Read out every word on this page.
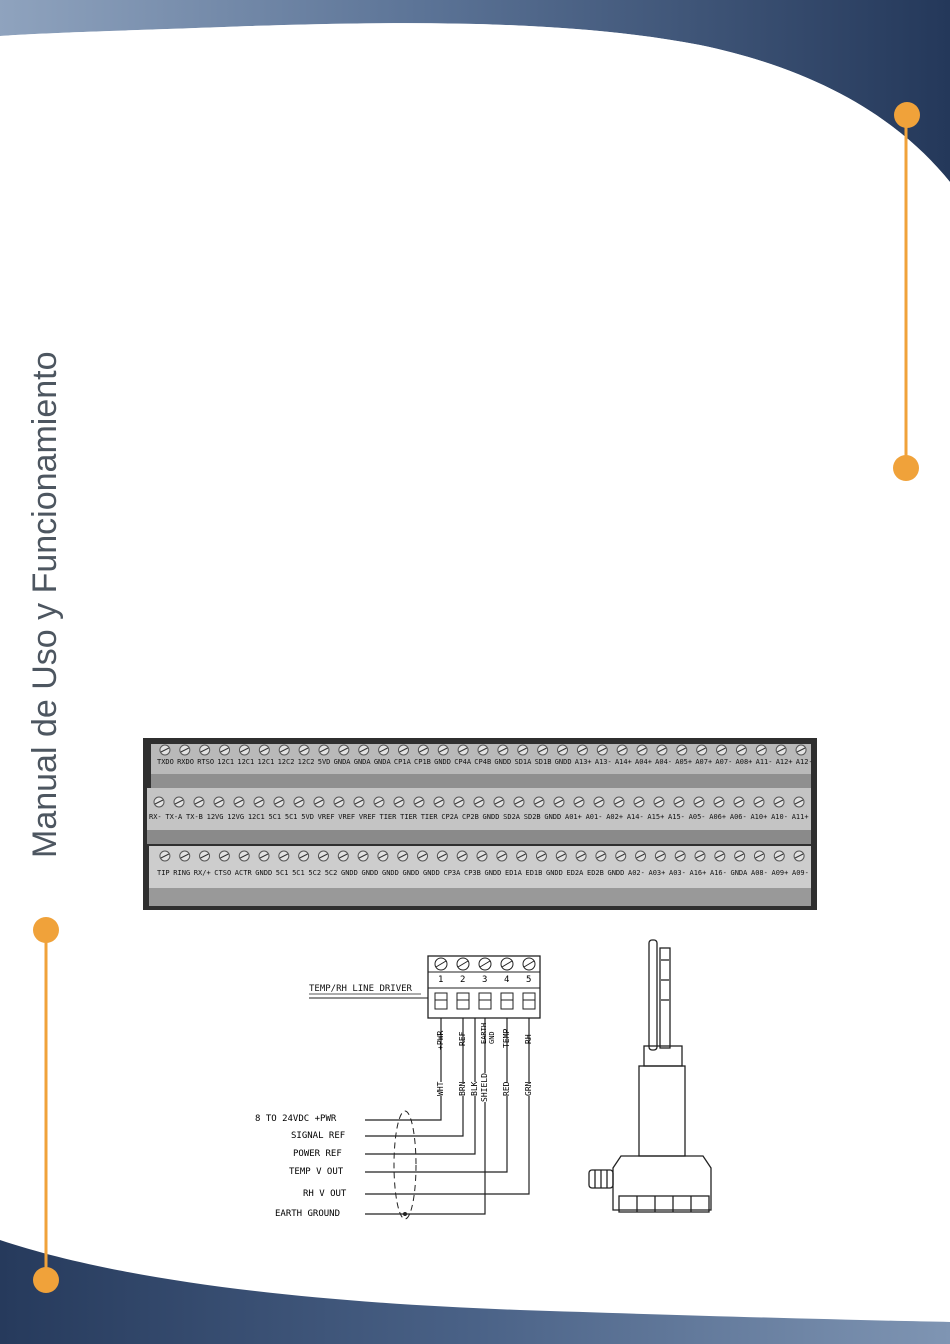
Manual de Uso y Funcionamiento	TXDO RXDO RTSO 12C1 12C1 12C1 12C2 12C2 5VD GNDA GNDA GNDA CP1A CP1B GNDD CP4A CP4B GNDD SD1A SD1B GNDD A13+ A13- A14+ A04+ A04- A05+ A07+ A07- A08+ A11- A12+ A12-
RX- TX-A TX-B 12VG 12VG 12C1 5C1 5C1 5VD VREF VREF VREF TIER TIER TIER CP2A CP2B GNDD SD2A SD2B GNDD A01+ A01- A02+ A14- A15+ A15- A05- A06+ A06- A10+ A10- A11+
TIP RING RX/+ CTSO ACTR GNDD 5C1 5C1 5C2 5C2 GNDD GNDD GNDD GNDD GNDD CP3A CP3B GNDD ED1A ED1B GNDD ED2A ED2B GNDD A02- A03+ A03- A16+ A16- GNDA A08- A09+ A09-
TEMP/RH LINE DRIVER
1 2 3 4 5
+PWR REF EARTH GND TEMP RH
WHT BRN BLK SHIELD RED GRN
8 TO 24VDC +PWR
SIGNAL REF
POWER REF
TEMP V OUT
RH V OUT
EARTH GROUND
